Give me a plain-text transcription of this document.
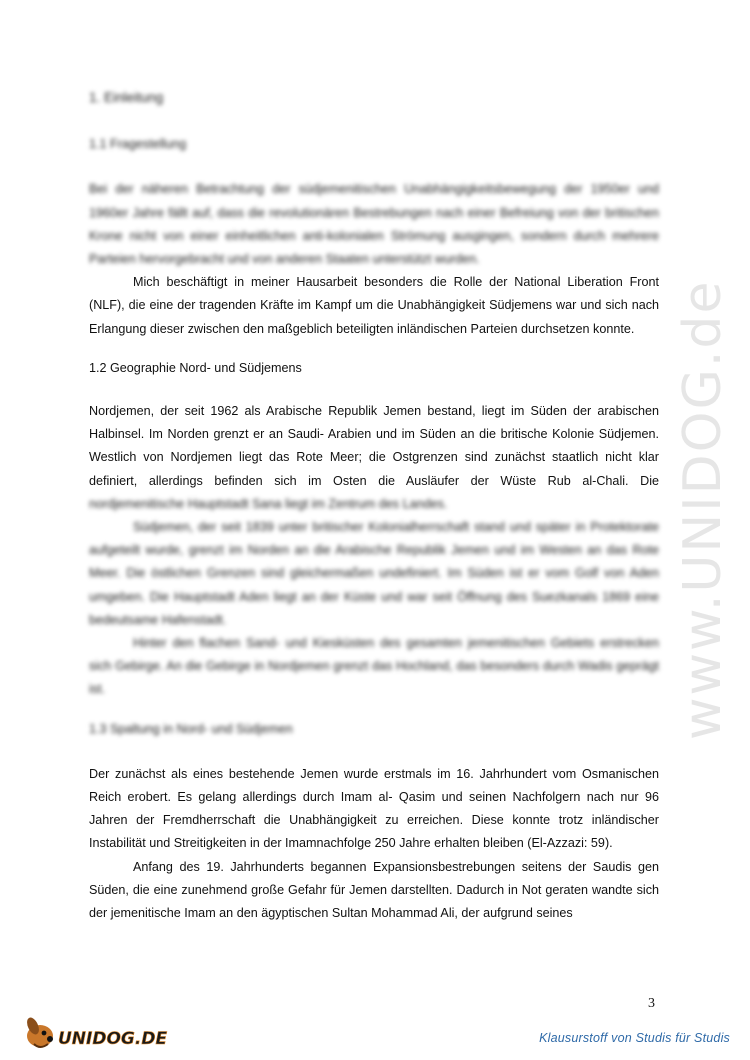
www.UNIDOG.de
1. Einleitung
1.1 Fragestellung

Bei der näheren Betrachtung der südjemenitischen Unabhängigkeitsbewegung der 1950er und 1960er Jahre fällt auf, dass die revolutionären Bestrebungen nach einer Befreiung von der britischen Krone nicht von einer einheitlichen anti-kolonialen Strömung ausgingen, sondern durch mehrere Parteien hervorgebracht und von anderen Staaten unterstützt wurden.

Mich beschäftigt in meiner Hausarbeit besonders die Rolle der National Liberation Front (NLF), die eine der tragenden Kräfte im Kampf um die Unabhängigkeit Südjemens war und sich nach Erlangung dieser zwischen den maßgeblich beteiligten inländischen Parteien durchsetzen konnte.

1.2 Geographie Nord- und Südjemens

Nordjemen, der seit 1962 als Arabische Republik Jemen bestand, liegt im Süden der arabischen Halbinsel. Im Norden grenzt er an Saudi- Arabien und im Süden an die britische Kolonie Südjemen. Westlich von Nordjemen liegt das Rote Meer; die Ostgrenzen sind zunächst staatlich nicht klar definiert, allerdings befinden sich im Osten die Ausläufer der Wüste Rub al-Chali. Die nordjemenitische Hauptstadt Sana liegt im Zentrum des Landes.

Südjemen, der seit 1839 unter britischer Kolonialherrschaft stand und später in Protektorate aufgeteilt wurde, grenzt im Norden an die Arabische Republik Jemen und im Westen an das Rote Meer. Die östlichen Grenzen sind gleichermaßen undefiniert. Im Süden ist er vom Golf von Aden umgeben. Die Hauptstadt Aden liegt an der Küste und war seit Öffnung des Suezkanals 1869 eine bedeutsame Hafenstadt.

Hinter den flachen Sand- und Kiesküsten des gesamten jemenitischen Gebiets erstrecken sich Gebirge. An die Gebirge in Nordjemen grenzt das Hochland, das besonders durch Wadis geprägt ist.

1.3 Spaltung in Nord- und Südjemen

Der zunächst als eines bestehende Jemen wurde erstmals im 16. Jahrhundert vom Osmanischen Reich erobert. Es gelang allerdings durch Imam al- Qasim und seinen Nachfolgern nach nur 96 Jahren der Fremdherrschaft die Unabhängigkeit zu erreichen. Diese konnte trotz inländischer Instabilität und Streitigkeiten in der Imamnachfolge 250 Jahre erhalten bleiben (El-Azzazi: 59).

Anfang des 19. Jahrhunderts begannen Expansionsbestrebungen seitens der Saudis gen Süden, die eine zunehmend große Gefahr für Jemen darstellten. Dadurch in Not geraten wandte sich der jemenitische Imam an den ägyptischen Sultan Mohammad Ali, der aufgrund seines

3
UNIDOG.DE	Klausurstoff von Studis für Studis
